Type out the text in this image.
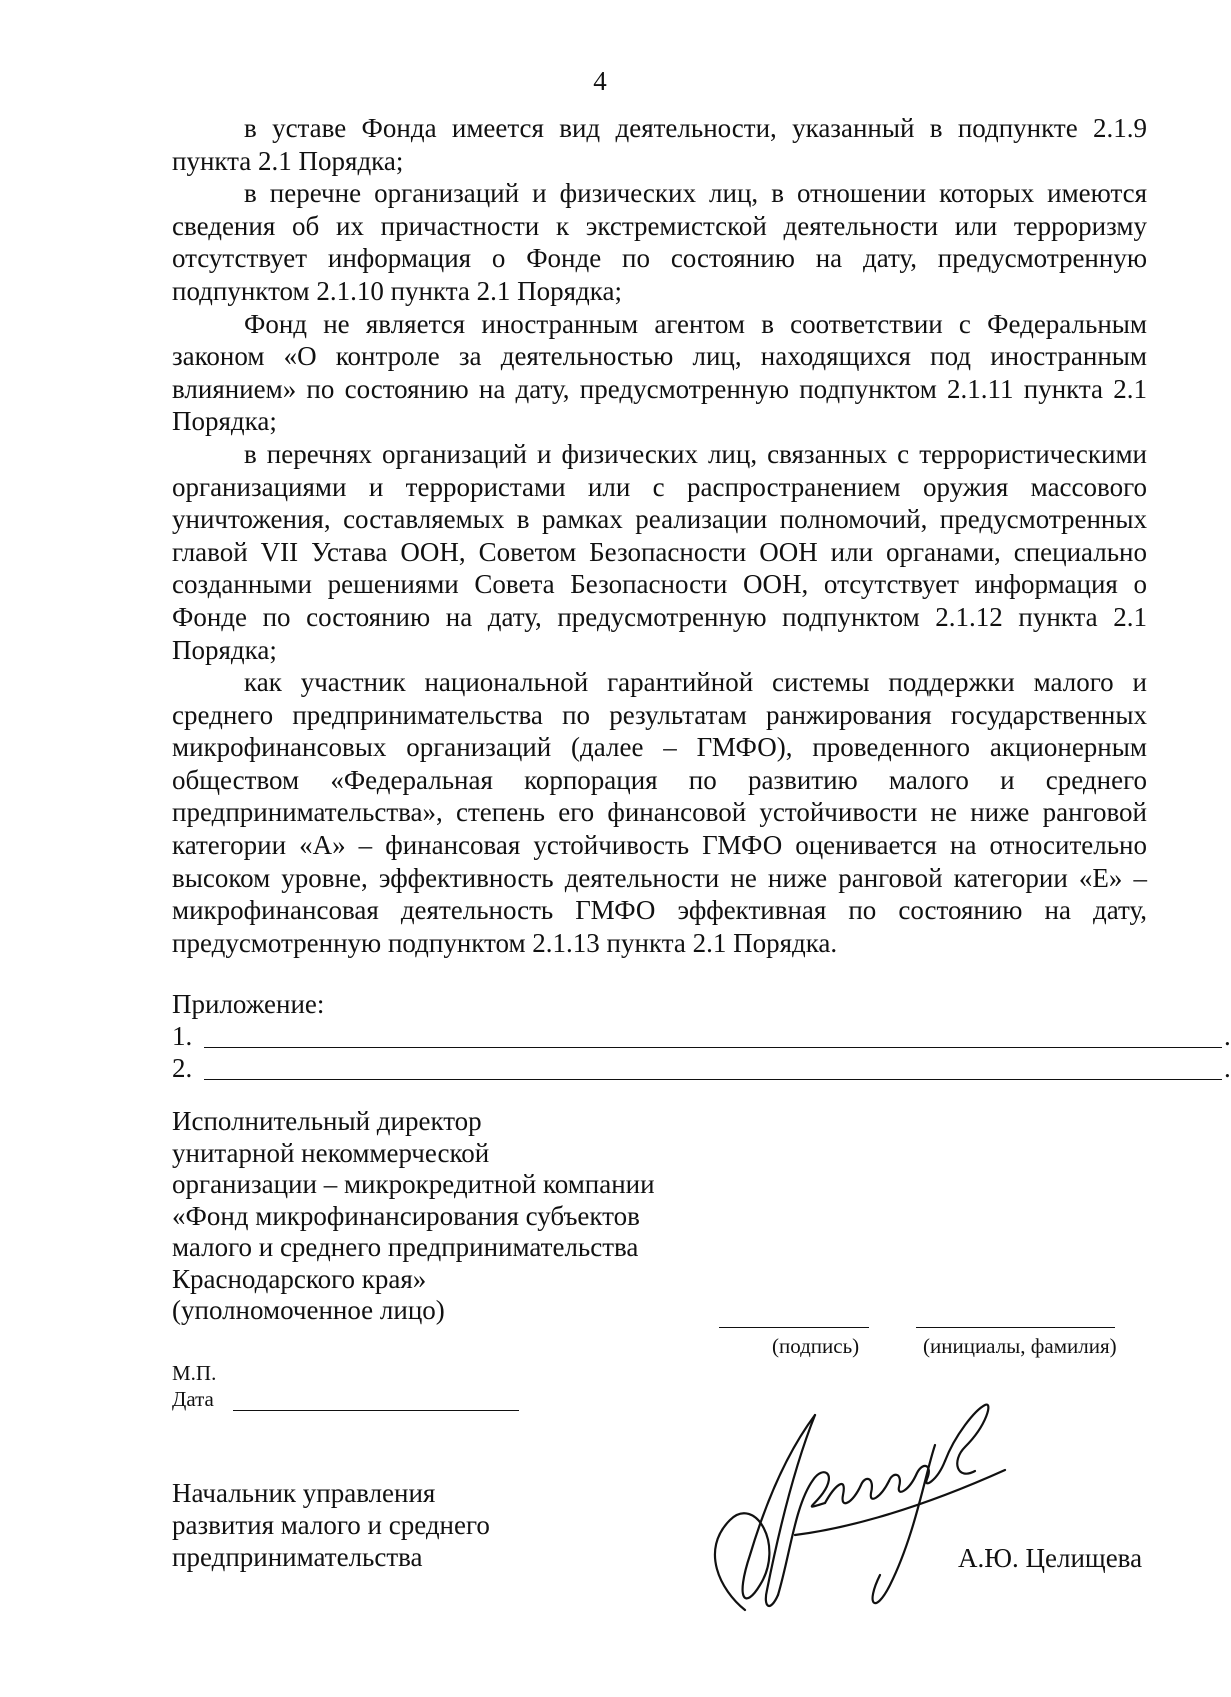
4

в уставе Фонда имеется вид деятельности, указанный в подпункте 2.1.9 пункта 2.1 Порядка;

в перечне организаций и физических лиц, в отношении которых имеются сведения об их причастности к экстремистской деятельности или терроризму отсутствует информация о Фонде по состоянию на дату, предусмотренную подпунктом 2.1.10 пункта 2.1 Порядка;

Фонд не является иностранным агентом в соответствии с Федеральным законом «О контроле за деятельностью лиц, находящихся под иностранным влиянием» по состоянию на дату, предусмотренную подпунктом 2.1.11 пункта 2.1 Порядка;

в перечнях организаций и физических лиц, связанных с террористическими организациями и террористами или с распространением оружия массового уничтожения, составляемых в рамках реализации полномочий, предусмотренных главой VII Устава ООН, Советом Безопасности ООН или органами, специально созданными решениями Совета Безопасности ООН, отсутствует информация о Фонде по состоянию на дату, предусмотренную подпунктом 2.1.12 пункта 2.1 Порядка;

как участник национальной гарантийной системы поддержки малого и среднего предпринимательства по результатам ранжирования государственных микрофинансовых организаций (далее – ГМФО), проведенного акционерным обществом «Федеральная корпорация по развитию малого и среднего предпринимательства», степень его финансовой устойчивости не ниже ранговой категории «А» – финансовая устойчивость ГМФО оценивается на относительно высоком уровне, эффективность деятельности не ниже ранговой категории «Е» – микрофинансовая деятельность ГМФО эффективная по состоянию на дату, предусмотренную подпунктом 2.1.13 пункта 2.1 Порядка.

Приложение:
1.	.
2.	.
Исполнительный директор
унитарной некоммерческой
организации – микрокредитной компании
«Фонд микрофинансирования субъектов
малого и среднего предпринимательства
Краснодарского края»
(уполномоченное лицо)
(подпись)	(инициалы, фамилия)
М.П.
Дата
Начальник управления
развития малого и среднего
предпринимательства	А.Ю. Целищева
